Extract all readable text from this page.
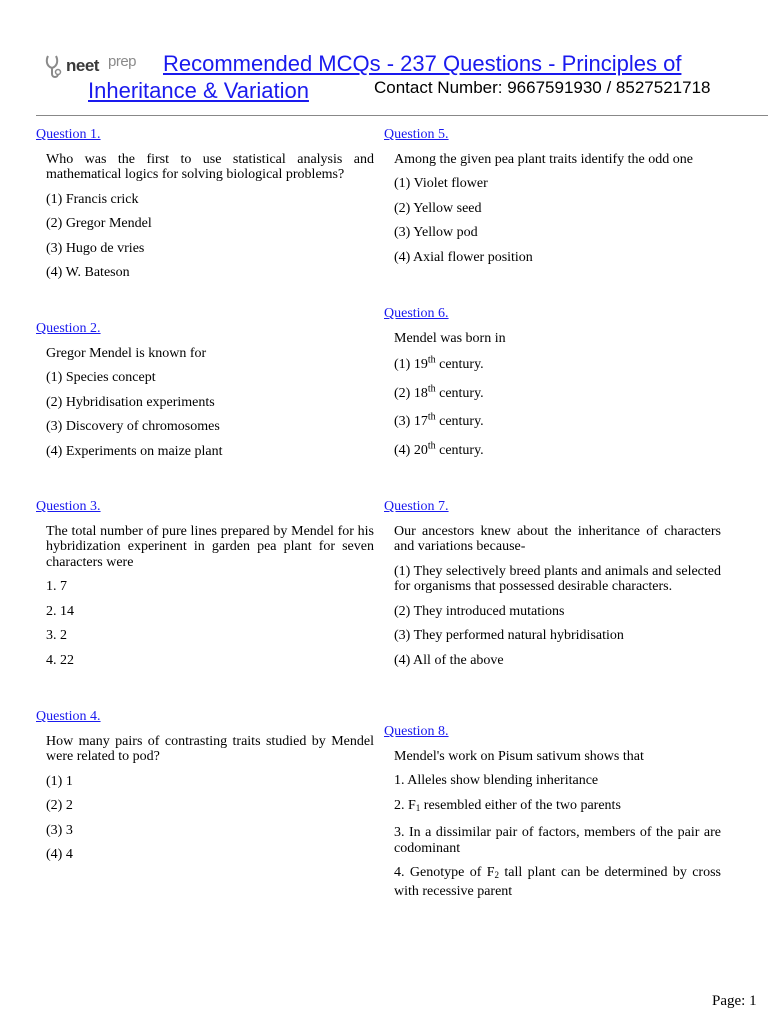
neet prep	Recommended MCQs - 237 Questions - Principles of Inheritance & Variation	Contact Number: 9667591930 / 8527521718
Question 1.
Who was the first to use statistical analysis and mathematical logics for solving biological problems?
(1) Francis crick
(2) Gregor Mendel
(3) Hugo de vries
(4) W. Bateson
Question 2.
Gregor Mendel is known for
(1) Species concept
(2) Hybridisation experiments
(3) Discovery of chromosomes
(4) Experiments on maize plant
Question 3.
The total number of pure lines prepared by Mendel for his hybridization experinent in garden pea plant for seven characters were
1. 7
2. 14
3. 2
4. 22
Question 4.
How many pairs of contrasting traits studied by Mendel were related to pod?
(1) 1
(2) 2
(3) 3
(4) 4
Question 5.
Among the given pea plant traits identify the odd one
(1) Violet flower
(2) Yellow seed
(3) Yellow pod
(4) Axial flower position
Question 6.
Mendel was born in
(1) 19th century.
(2) 18th century.
(3) 17th century.
(4) 20th century.
Question 7.
Our ancestors knew about the inheritance of characters and variations because-
(1) They selectively breed plants and animals and selected for organisms that possessed desirable characters.
(2) They introduced mutations
(3) They performed natural hybridisation
(4) All of the above
Question 8.
Mendel's work on Pisum sativum shows that
1. Alleles show blending inheritance
2. $F_1$ resembled either of the two parents
3. In a dissimilar pair of factors, members of the pair are codominant
4. Genotype of $F_2$ tall plant can be determined by cross with recessive parent
Page: 1
